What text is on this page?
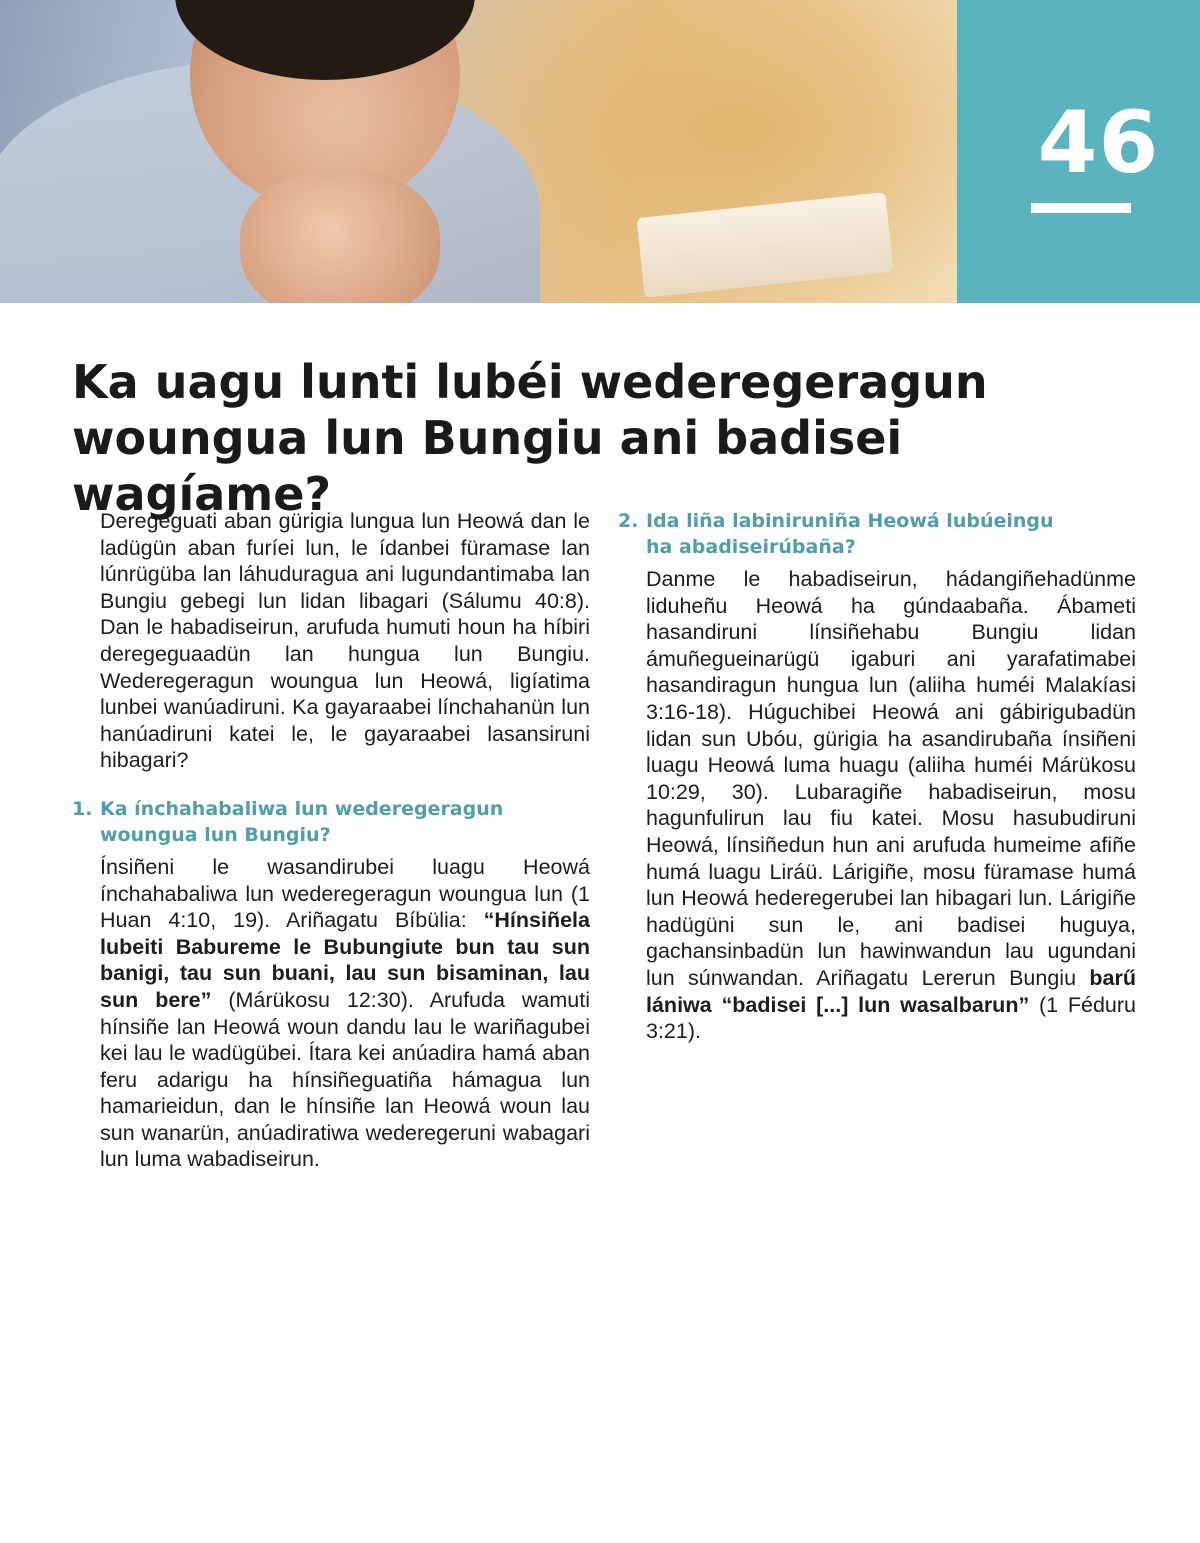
46
Ka uagu lunti lubéi wederegeragun
woungua lun Bungiu ani badisei wagíame?

Deregeguati aban gürigia lungua lun Heowá dan le ladügün aban furíei lun, le ídanbei füramase lan lúnrügüba lan láhuduragua ani lugundantimaba lan Bungiu gebegi lun lidan libagari (Sálumu 40:8). Dan le habadiseirun, arufuda humuti houn ha híbiri deregeguaadün lan hungua lun Bungiu. Wederegeragun woungua lun Heowá, ligíatima lunbei wanúadiruni. Ka gayaraabei línchahanün lun hanúadiruni katei le, le gayaraabei lasansiruni hibagari?

1. Ka ínchahabaliwa lun wederegeragun
woungua lun Bungiu?

Ínsiñeni le wasandirubei luagu Heowá ínchahabaliwa lun wederegeragun woungua lun (1 Huan 4:10, 19). Ariñagatu Bíbülia: “Hínsiñela lubeiti Babureme le Bubungiute bun tau sun banigi, tau sun buani, lau sun bisaminan, lau sun bere” (Márükosu 12:30). Arufuda wamuti hínsiñe lan Heowá woun dandu lau le wariñagubei kei lau le wadügübei. Ítara kei anúadira hamá aban feru adarigu ha hínsiñeguatiña hámagua lun hamarieidun, dan le hínsiñe lan Heowá woun lau sun wanarün, anúadiratiwa wederegeruni wabagari lun luma wabadiseirun.

2. Ida liña labiniruniña Heowá lubúeingu
ha abadiseirúbaña?

Danme le habadiseirun, hádangiñehadünme liduheñu Heowá ha gúndaabaña. Ábameti hasandiruni línsiñehabu Bungiu lidan ámuñegueinarügü igaburi ani yarafatimabei hasandiragun hungua lun (aliiha huméi Malakíasi 3:16-18). Húguchibei Heowá ani gábirigubadün lidan sun Ubóu, gürigia ha asandirubaña ínsiñeni luagu Heowá luma huagu (aliiha huméi Márükosu 10:29, 30). Lubaragiñe habadiseirun, mosu hagunfulirun lau fiu katei. Mosu hasubudiruni Heowá, línsiñedun hun ani arufuda humeime afiñe humá luagu Liráü. Lárigiñe, mosu füramase humá lun Heowá hederegerubei lan hibagari lun. Lárigiñe hadügüni sun le, ani badisei huguya, gachansinbadün lun hawinwandun lau ugundani lun súnwandan. Ariñagatu Lererun Bungiu barű lániwa “badisei [...] lun wasalbarun” (1 Féduru 3:21).
